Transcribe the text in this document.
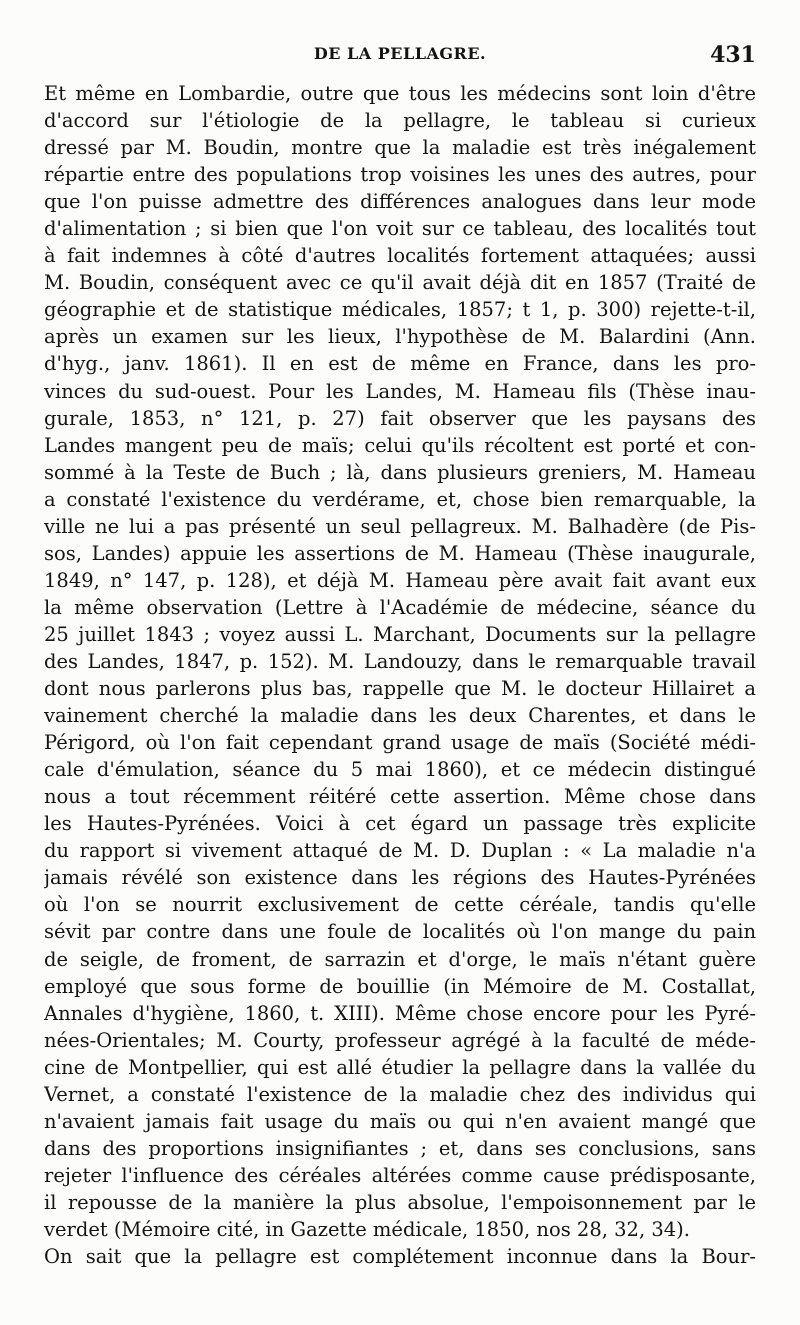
DE LA PELLAGRE.	431
Et même en Lombardie, outre que tous les médecins sont loin d'être
d'accord sur l'étiologie de la pellagre, le tableau si curieux
dressé par M. Boudin, montre que la maladie est très inégalement
répartie entre des populations trop voisines les unes des autres, pour
que l'on puisse admettre des différences analogues dans leur mode
d'alimentation ; si bien que l'on voit sur ce tableau, des localités tout
à fait indemnes à côté d'autres localités fortement attaquées; aussi
M. Boudin, conséquent avec ce qu'il avait déjà dit en 1857 (Traité de
géographie et de statistique médicales, 1857; t 1, p. 300) rejette-t-il,
après un examen sur les lieux, l'hypothèse de M. Balardini (Ann.
d'hyg., janv. 1861). Il en est de même en France, dans les pro-
vinces du sud-ouest. Pour les Landes, M. Hameau fils (Thèse inau-
gurale, 1853, n° 121, p. 27) fait observer que les paysans des
Landes mangent peu de maïs; celui qu'ils récoltent est porté et con-
sommé à la Teste de Buch ; là, dans plusieurs greniers, M. Hameau
a constaté l'existence du verdérame, et, chose bien remarquable, la
ville ne lui a pas présenté un seul pellagreux. M. Balhadère (de Pis-
sos, Landes) appuie les assertions de M. Hameau (Thèse inaugurale,
1849, n° 147, p. 128), et déjà M. Hameau père avait fait avant eux
la même observation (Lettre à l'Académie de médecine, séance du
25 juillet 1843 ; voyez aussi L. Marchant, Documents sur la pellagre
des Landes, 1847, p. 152). M. Landouzy, dans le remarquable travail
dont nous parlerons plus bas, rappelle que M. le docteur Hillairet a
vainement cherché la maladie dans les deux Charentes, et dans le
Périgord, où l'on fait cependant grand usage de maïs (Société médi-
cale d'émulation, séance du 5 mai 1860), et ce médecin distingué
nous a tout récemment réitéré cette assertion. Même chose dans
les Hautes-Pyrénées. Voici à cet égard un passage très explicite
du rapport si vivement attaqué de M. D. Duplan : « La maladie n'a
jamais révélé son existence dans les régions des Hautes-Pyrénées
où l'on se nourrit exclusivement de cette céréale, tandis qu'elle
sévit par contre dans une foule de localités où l'on mange du pain
de seigle, de froment, de sarrazin et d'orge, le maïs n'étant guère
employé que sous forme de bouillie (in Mémoire de M. Costallat,
Annales d'hygiène, 1860, t. XIII). Même chose encore pour les Pyré-
nées-Orientales; M. Courty, professeur agrégé à la faculté de méde-
cine de Montpellier, qui est allé étudier la pellagre dans la vallée du
Vernet, a constaté l'existence de la maladie chez des individus qui
n'avaient jamais fait usage du maïs ou qui n'en avaient mangé que
dans des proportions insignifiantes ; et, dans ses conclusions, sans
rejeter l'influence des céréales altérées comme cause prédisposante,
il repousse de la manière la plus absolue, l'empoisonnement par le
verdet (Mémoire cité, in Gazette médicale, 1850, nos 28, 32, 34).
On sait que la pellagre est complétement inconnue dans la Bour-
